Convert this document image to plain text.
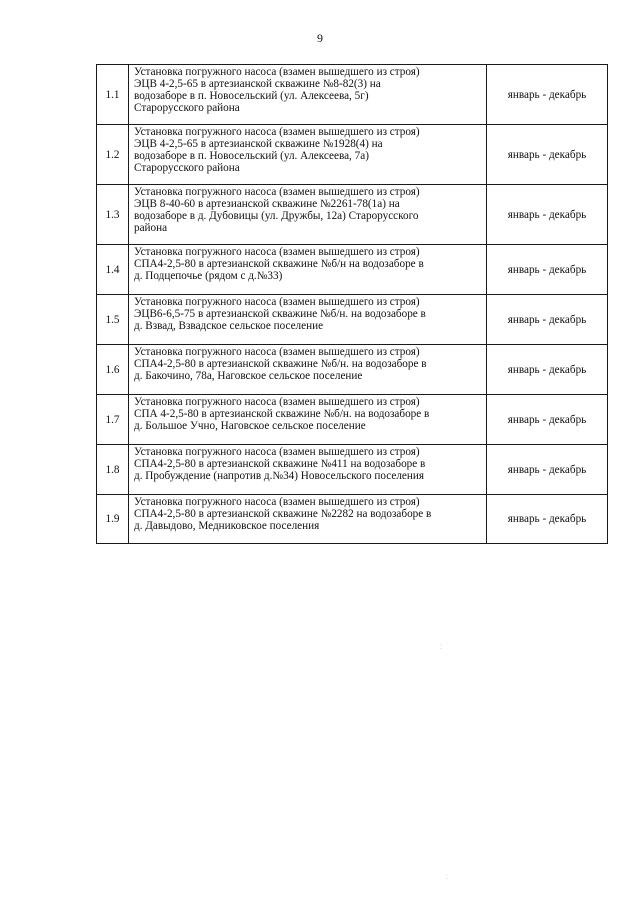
9
1.1	Установка погружного насоса (взамен вышедшего из строя)
ЭЦВ 4-2,5-65 в артезианской скважине №8-82(3) на
водозаборе в п. Новосельский (ул. Алексеева, 5г)
Старорусского района	январь - декабрь
1.2	Установка погружного насоса (взамен вышедшего из строя)
ЭЦВ 4-2,5-65 в артезианской скважине №1928(4) на
водозаборе в п. Новосельский (ул. Алексеева, 7а)
Старорусского района	январь - декабрь
1.3	Установка погружного насоса (взамен вышедшего из строя)
ЭЦВ 8-40-60 в артезианской скважине №2261-78(1а) на
водозаборе в д. Дубовицы (ул. Дружбы, 12а) Старорусского
района	январь - декабрь
1.4	Установка погружного насоса (взамен вышедшего из строя)
СПА4-2,5-80 в артезианской скважине №б/н на водозаборе в
д. Подцепочье (рядом с д.№33)	январь - декабрь
1.5	Установка погружного насоса (взамен вышедшего из строя)
ЭЦВ6-6,5-75 в артезианской скважине №б/н. на водозаборе в
д. Взвад, Взвадское сельское поселение	январь - декабрь
1.6	Установка погружного насоса (взамен вышедшего из строя)
СПА4-2,5-80 в артезианской скважине №б/н. на водозаборе в
д. Бакочино, 78а, Наговское сельское поселение	январь - декабрь
1.7	Установка погружного насоса (взамен вышедшего из строя)
СПА 4-2,5-80 в артезианской скважине №б/н. на водозаборе в
д. Большое Учно, Наговское сельское поселение	январь - декабрь
1.8	Установка погружного насоса (взамен вышедшего из строя)
СПА4-2,5-80 в артезианской скважине №411 на водозаборе в
д. Пробуждение (напротив д.№34) Новосельского поселения	январь - декабрь
1.9	Установка погружного насоса (взамен вышедшего из строя)
СПА4-2,5-80 в артезианской скважине №2282 на водозаборе в
д. Давыдово, Медниковское поселения	январь - декабрь
⁚
⁚
